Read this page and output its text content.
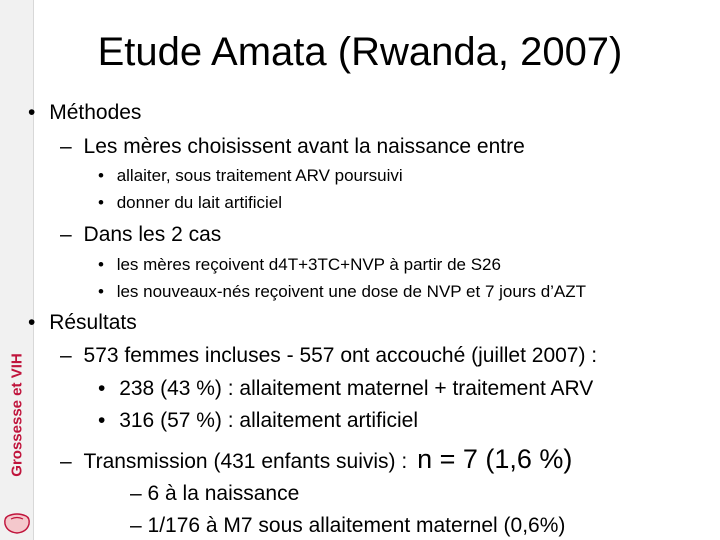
Grossesse et VIH
Etude Amata (Rwanda, 2007)
• Méthodes
– Les mères choisissent avant la naissance entre
• allaiter, sous traitement ARV poursuivi
• donner du lait artificiel
– Dans les 2 cas
• les mères reçoivent d4T+3TC+NVP à partir de S26
• les nouveaux-nés reçoivent une dose de NVP et 7 jours d’AZT
• Résultats
– 573 femmes incluses - 557 ont accouché (juillet 2007) :
• 238 (43 %) : allaitement maternel + traitement ARV
• 316 (57 %) : allaitement artificiel
– Transmission (431 enfants suivis) : n = 7 (1,6 %)
– 6 à la naissance
– 1/176 à M7 sous allaitement maternel (0,6%)
